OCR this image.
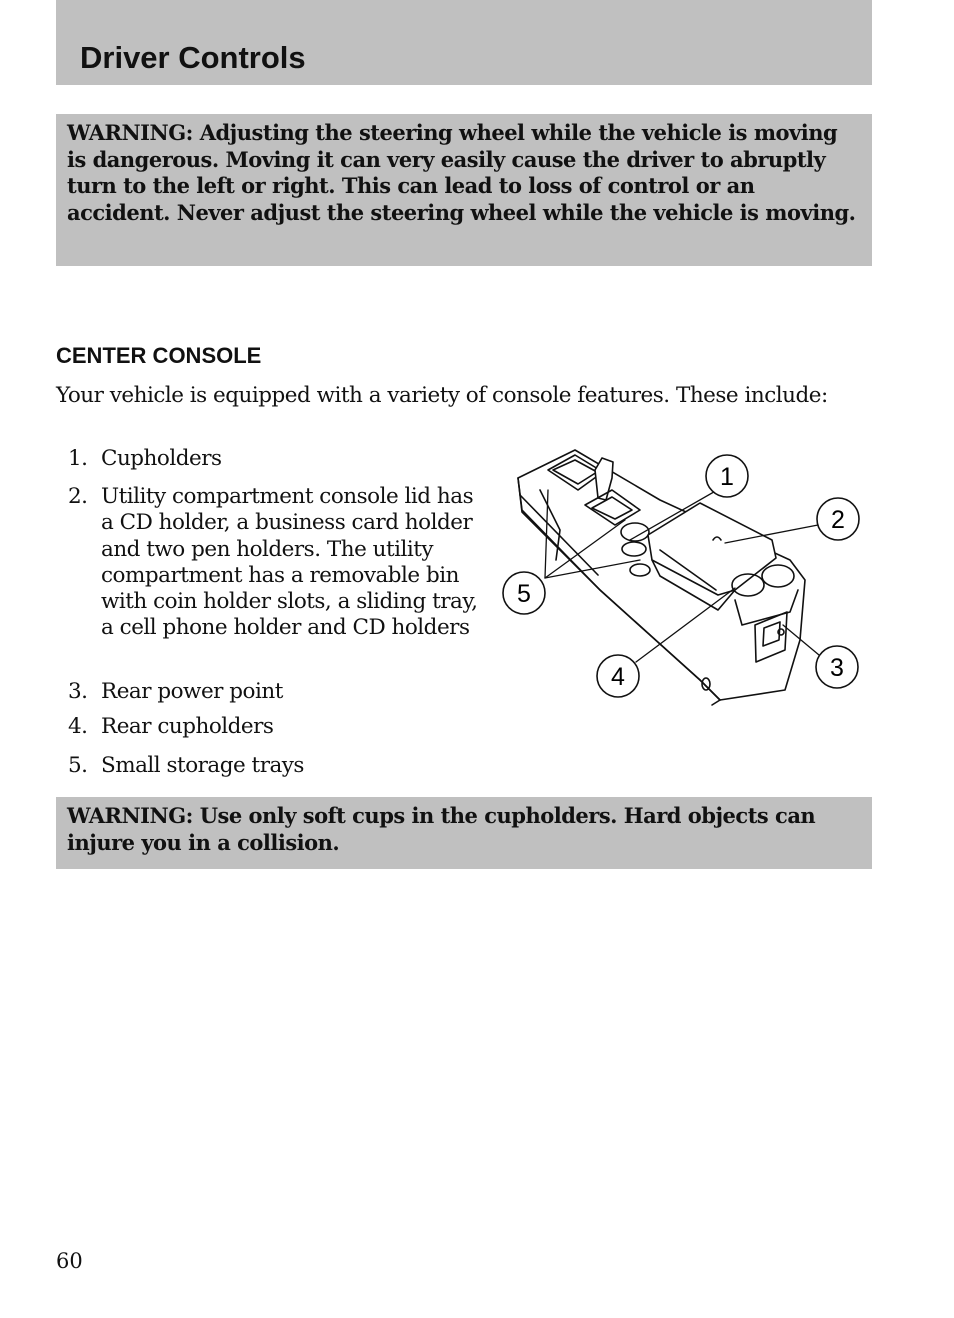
Driver Controls

WARNING: Adjusting the steering wheel while the vehicle is moving is dangerous. Moving it can very easily cause the driver to abruptly turn to the left or right. This can lead to loss of control or an accident. Never adjust the steering wheel while the vehicle is moving.

CENTER CONSOLE
Your vehicle is equipped with a variety of console features. These include:
1. Cupholders
2. Utility compartment console lid has a CD holder, a business card holder and two pen holders. The utility compartment has a removable bin with coin holder slots, a sliding tray, a cell phone holder and CD holders
3. Rear power point
4. Rear cupholders
5. Small storage trays
1
2
3
4
5

WARNING: Use only soft cups in the cupholders. Hard objects can injure you in a collision.

60
